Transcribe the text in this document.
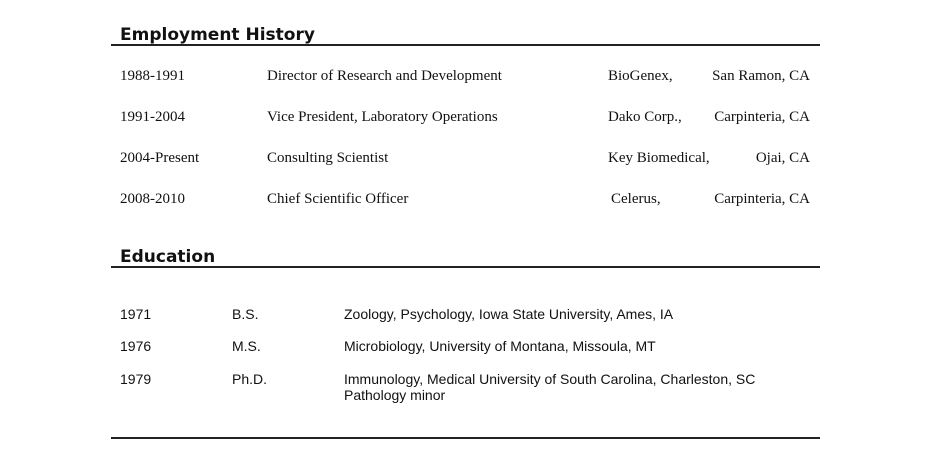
Employment History
1988-1991	Director of Research and Development	BioGenex,	San Ramon, CA
1991-2004	Vice President, Laboratory Operations	Dako Corp., Carpinteria, CA
2004-Present	Consulting Scientist	Key Biomedical,	Ojai, CA
2008-2010	Chief Scientific Officer	Celerus,	Carpinteria, CA
Education
1971	B.S.	Zoology, Psychology, Iowa State University, Ames, IA
1976	M.S.	Microbiology, University of Montana, Missoula, MT
1979	Ph.D.	Immunology, Medical University of South Carolina, Charleston, SC
Pathology minor
